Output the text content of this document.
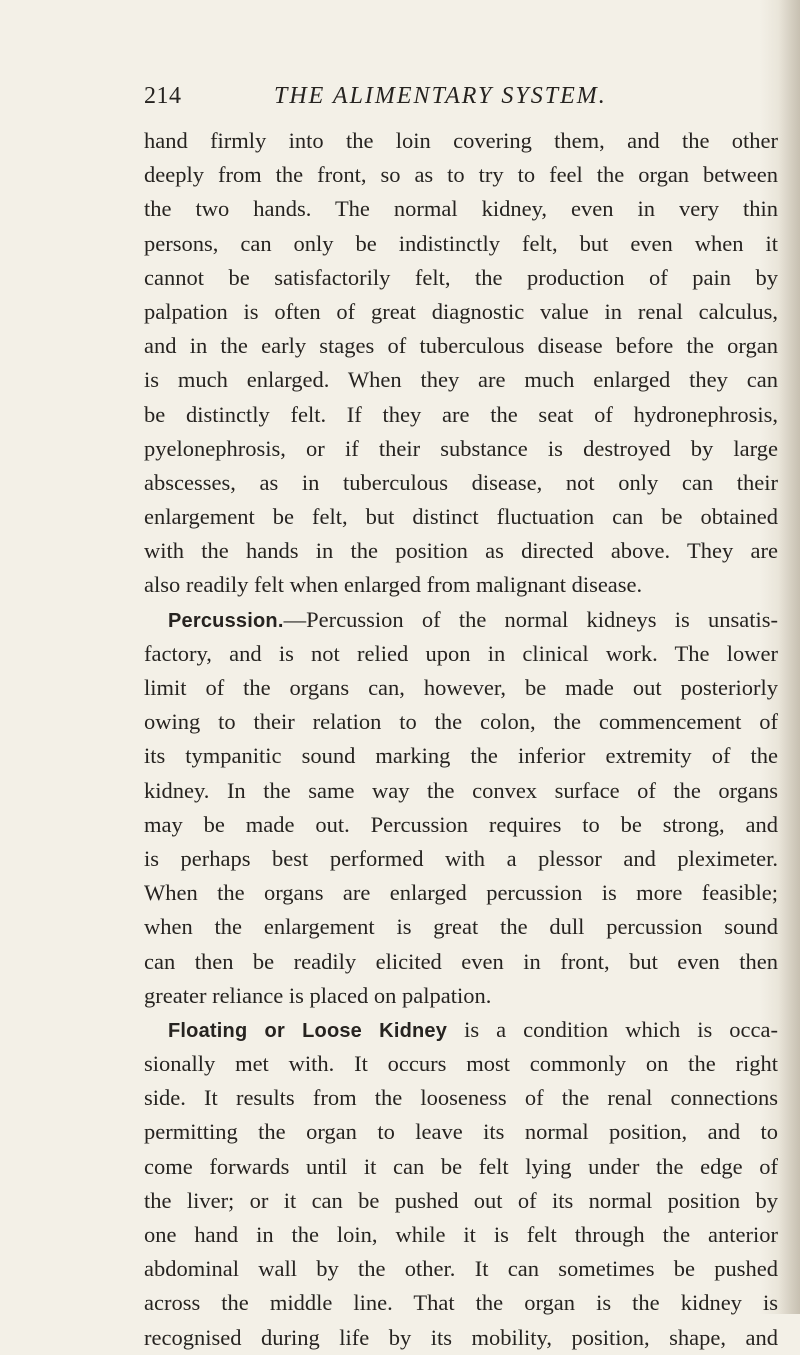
214	THE ALIMENTARY SYSTEM.
hand firmly into the loin covering them, and the other
deeply from the front, so as to try to feel the organ between
the two hands. The normal kidney, even in very thin
persons, can only be indistinctly felt, but even when it
cannot be satisfactorily felt, the production of pain by
palpation is often of great diagnostic value in renal calculus,
and in the early stages of tuberculous disease before the organ
is much enlarged. When they are much enlarged they can
be distinctly felt. If they are the seat of hydronephrosis,
pyelonephrosis, or if their substance is destroyed by large
abscesses, as in tuberculous disease, not only can their
enlargement be felt, but distinct fluctuation can be obtained
with the hands in the position as directed above. They are
also readily felt when enlarged from malignant disease.
Percussion.—Percussion of the normal kidneys is unsatis-
factory, and is not relied upon in clinical work. The lower
limit of the organs can, however, be made out posteriorly
owing to their relation to the colon, the commencement of
its tympanitic sound marking the inferior extremity of the
kidney. In the same way the convex surface of the organs
may be made out. Percussion requires to be strong, and
is perhaps best performed with a plessor and pleximeter.
When the organs are enlarged percussion is more feasible;
when the enlargement is great the dull percussion sound
can then be readily elicited even in front, but even then
greater reliance is placed on palpation.
Floating or Loose Kidney is a condition which is occa-
sionally met with. It occurs most commonly on the right
side. It results from the looseness of the renal connections
permitting the organ to leave its normal position, and to
come forwards until it can be felt lying under the edge of
the liver; or it can be pushed out of its normal position by
one hand in the loin, while it is felt through the anterior
abdominal wall by the other. It can sometimes be pushed
across the middle line. That the organ is the kidney is
recognised during life by its mobility, position, shape, and
